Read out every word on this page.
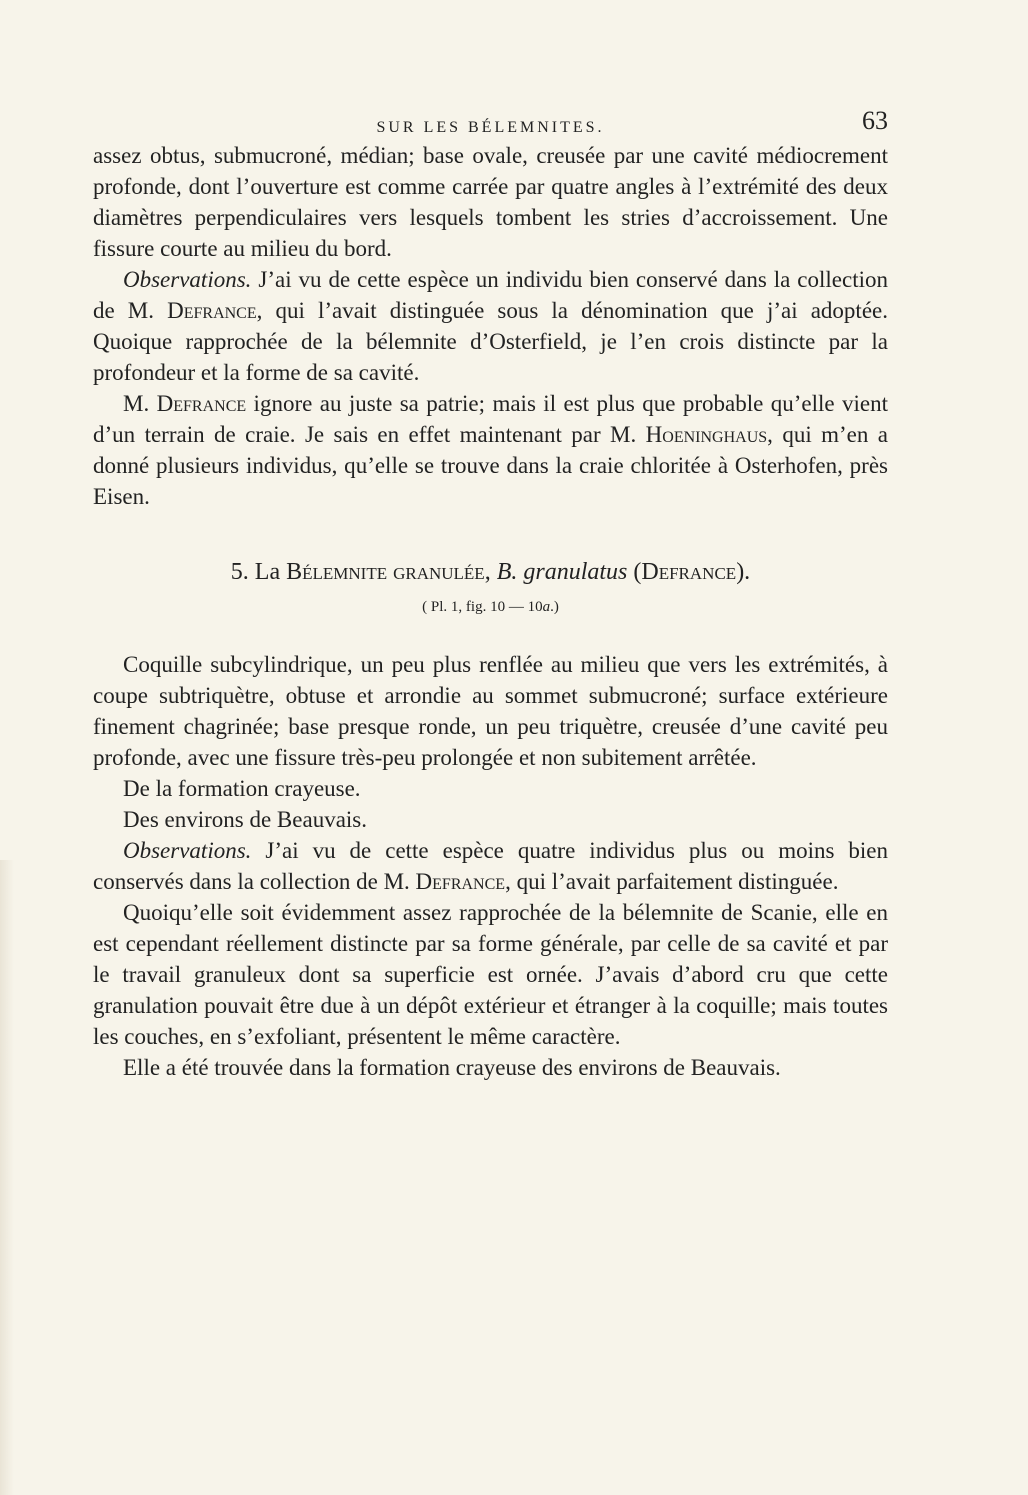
SUR LES BÉLEMNITES.	63

assez obtus, submucroné, médian; base ovale, creusée par une cavité médiocrement profonde, dont l’ouverture est comme carrée par quatre angles à l’extrémité des deux diamètres perpendiculaires vers lesquels tombent les stries d’accroissement. Une fissure courte au milieu du bord.

Observations. J’ai vu de cette espèce un individu bien conservé dans la collection de M. Defrance, qui l’avait distinguée sous la dénomination que j’ai adoptée. Quoique rapprochée de la bélemnite d’Osterfield, je l’en crois distincte par la profondeur et la forme de sa cavité.

M. Defrance ignore au juste sa patrie; mais il est plus que probable qu’elle vient d’un terrain de craie. Je sais en effet maintenant par M. Hoeninghaus, qui m’en a donné plusieurs individus, qu’elle se trouve dans la craie chloritée à Osterhofen, près Eisen.

5. La Bélemnite granulée, B. granulatus (Defrance).
( Pl. 1, fig. 10 — 10a.)

Coquille subcylindrique, un peu plus renflée au milieu que vers les extrémités, à coupe subtriquètre, obtuse et arrondie au sommet submucroné; surface extérieure finement chagrinée; base presque ronde, un peu triquètre, creusée d’une cavité peu profonde, avec une fissure très-peu prolongée et non subitement arrêtée.

De la formation crayeuse.

Des environs de Beauvais.

Observations. J’ai vu de cette espèce quatre individus plus ou moins bien conservés dans la collection de M. Defrance, qui l’avait parfaitement distinguée.

Quoiqu’elle soit évidemment assez rapprochée de la bélemnite de Scanie, elle en est cependant réellement distincte par sa forme générale, par celle de sa cavité et par le travail granuleux dont sa superficie est ornée. J’avais d’abord cru que cette granulation pouvait être due à un dépôt extérieur et étranger à la coquille; mais toutes les couches, en s’exfoliant, présentent le même caractère.

Elle a été trouvée dans la formation crayeuse des environs de Beauvais.
